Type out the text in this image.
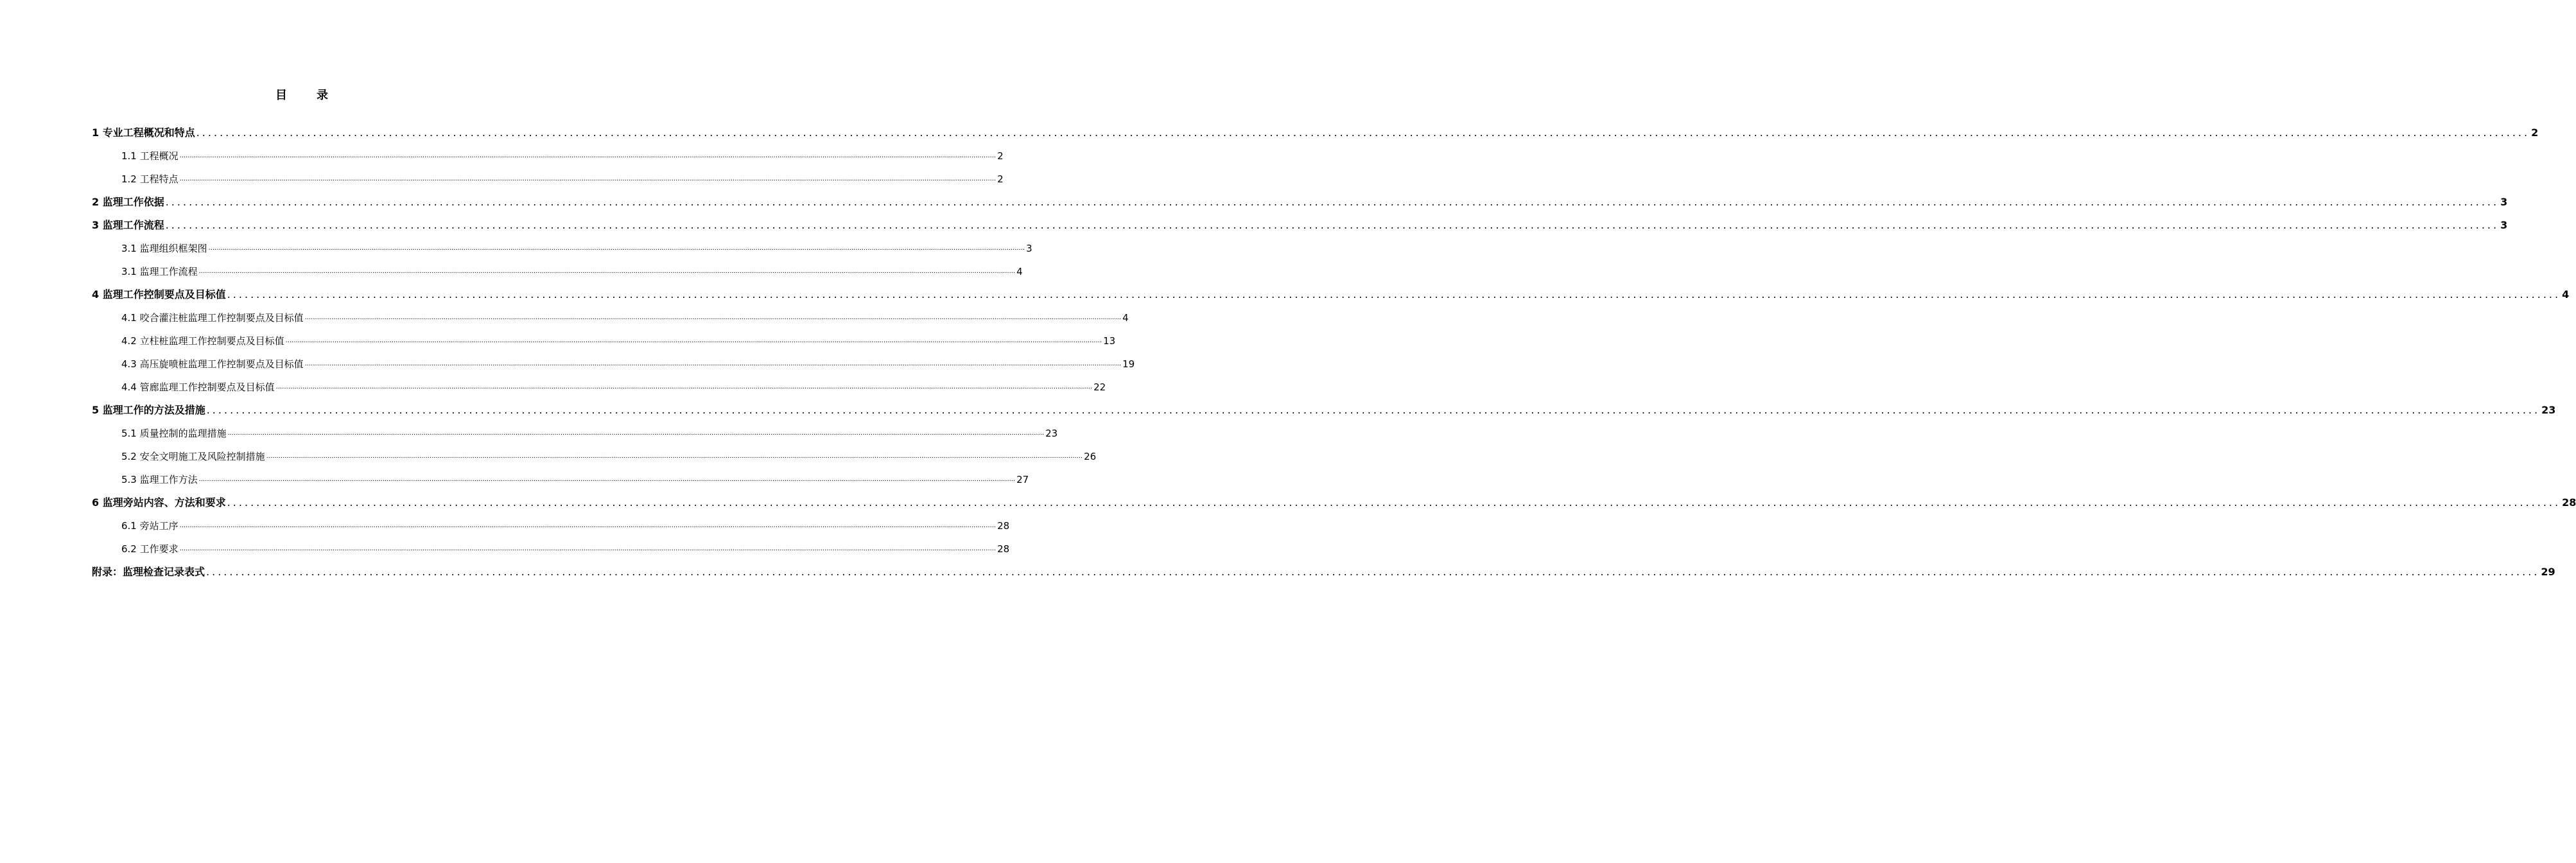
目　录
1 专业工程概况和特点 ................................................................................................................................................................................................................................................................................................................................................................................................................ 2
1.1 工程概况 ................................................................................................................................................................................................................................................................................................................................................................................................................ 2
1.2 工程特点 ................................................................................................................................................................................................................................................................................................................................................................................................................ 2
2 监理工作依据 ................................................................................................................................................................................................................................................................................................................................................................................................................ 3
3 监理工作流程 ................................................................................................................................................................................................................................................................................................................................................................................................................ 3
3.1 监理组织框架图 ................................................................................................................................................................................................................................................................................................................................................................................................................ 3
3.1 监理工作流程 ................................................................................................................................................................................................................................................................................................................................................................................................................ 4
4 监理工作控制要点及目标值 ................................................................................................................................................................................................................................................................................................................................................................................................................ 4
4.1 咬合灌注桩监理工作控制要点及目标值 ................................................................................................................................................................................................................................................................................................................................................................................................................ 4
4.2 立柱桩监理工作控制要点及目标值 ................................................................................................................................................................................................................................................................................................................................................................................................................ 13
4.3 高压旋喷桩监理工作控制要点及目标值 ................................................................................................................................................................................................................................................................................................................................................................................................................ 19
4.4 管廊监理工作控制要点及目标值 ................................................................................................................................................................................................................................................................................................................................................................................................................ 22
5 监理工作的方法及措施 ................................................................................................................................................................................................................................................................................................................................................................................................................ 23
5.1 质量控制的监理措施 ................................................................................................................................................................................................................................................................................................................................................................................................................ 23
5.2 安全文明施工及风险控制措施 ................................................................................................................................................................................................................................................................................................................................................................................................................ 26
5.3 监理工作方法 ................................................................................................................................................................................................................................................................................................................................................................................................................ 27
6 监理旁站内容、方法和要求 ................................................................................................................................................................................................................................................................................................................................................................................................................ 28
6.1 旁站工序 ................................................................................................................................................................................................................................................................................................................................................................................................................ 28
6.2 工作要求 ................................................................................................................................................................................................................................................................................................................................................................................................................ 28
附录：监理检查记录表式 ................................................................................................................................................................................................................................................................................................................................................................................................................ 29
